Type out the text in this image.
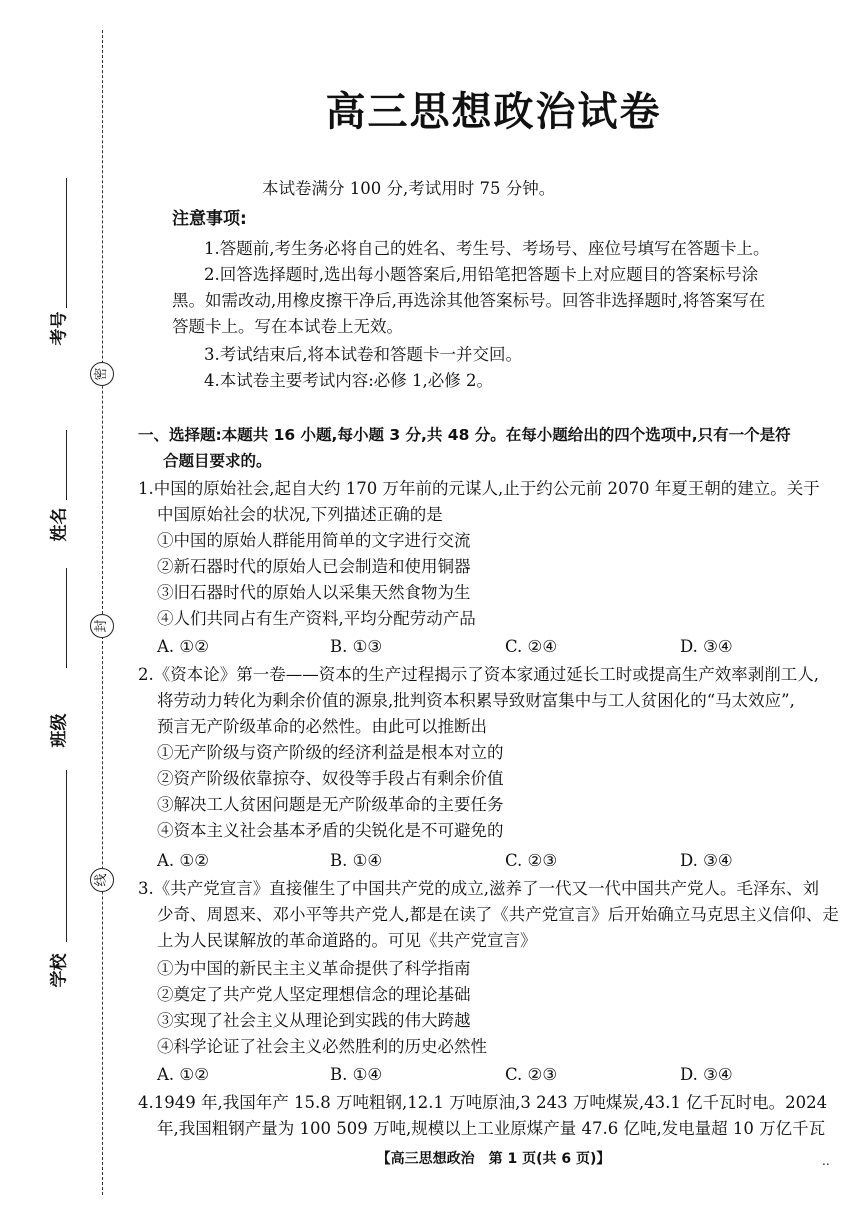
考号
姓名
班级
学校
密
封
线
高三思想政治试卷
本试卷满分 100 分,考试用时 75 分钟。
注意事项:
1.答题前,考生务必将自己的姓名、考生号、考场号、座位号填写在答题卡上。
2.回答选择题时,选出每小题答案后,用铅笔把答题卡上对应题目的答案标号涂
黑。如需改动,用橡皮擦干净后,再选涂其他答案标号。回答非选择题时,将答案写在
答题卡上。写在本试卷上无效。
3.考试结束后,将本试卷和答题卡一并交回。
4.本试卷主要考试内容:必修 1,必修 2。
一、选择题:本题共 16 小题,每小题 3 分,共 48 分。在每小题给出的四个选项中,只有一个是符
合题目要求的。
1.中国的原始社会,起自大约 170 万年前的元谋人,止于约公元前 2070 年夏王朝的建立。关于
中国原始社会的状况,下列描述正确的是
①中国的原始人群能用简单的文字进行交流
②新石器时代的原始人已会制造和使用铜器
③旧石器时代的原始人以采集天然食物为生
④人们共同占有生产资料,平均分配劳动产品
A. ①②	B. ①③	C. ②④	D. ③④
2.《资本论》第一卷——资本的生产过程揭示了资本家通过延长工时或提高生产效率剥削工人,
将劳动力转化为剩余价值的源泉,批判资本积累导致财富集中与工人贫困化的“马太效应”,
预言无产阶级革命的必然性。由此可以推断出
①无产阶级与资产阶级的经济利益是根本对立的
②资产阶级依靠掠夺、奴役等手段占有剩余价值
③解决工人贫困问题是无产阶级革命的主要任务
④资本主义社会基本矛盾的尖锐化是不可避免的
A. ①②	B. ①④	C. ②③	D. ③④
3.《共产党宣言》直接催生了中国共产党的成立,滋养了一代又一代中国共产党人。毛泽东、刘
少奇、周恩来、邓小平等共产党人,都是在读了《共产党宣言》后开始确立马克思主义信仰、走
上为人民谋解放的革命道路的。可见《共产党宣言》
①为中国的新民主主义革命提供了科学指南
②奠定了共产党人坚定理想信念的理论基础
③实现了社会主义从理论到实践的伟大跨越
④科学论证了社会主义必然胜利的历史必然性
A. ①②	B. ①④	C. ②③	D. ③④
4.1949 年,我国年产 15.8 万吨粗钢,12.1 万吨原油,3 243 万吨煤炭,43.1 亿千瓦时电。2024
年,我国粗钢产量为 100 509 万吨,规模以上工业原煤产量 47.6 亿吨,发电量超 10 万亿千瓦
【高三思想政治　第 1 页(共 6 页)】	..
